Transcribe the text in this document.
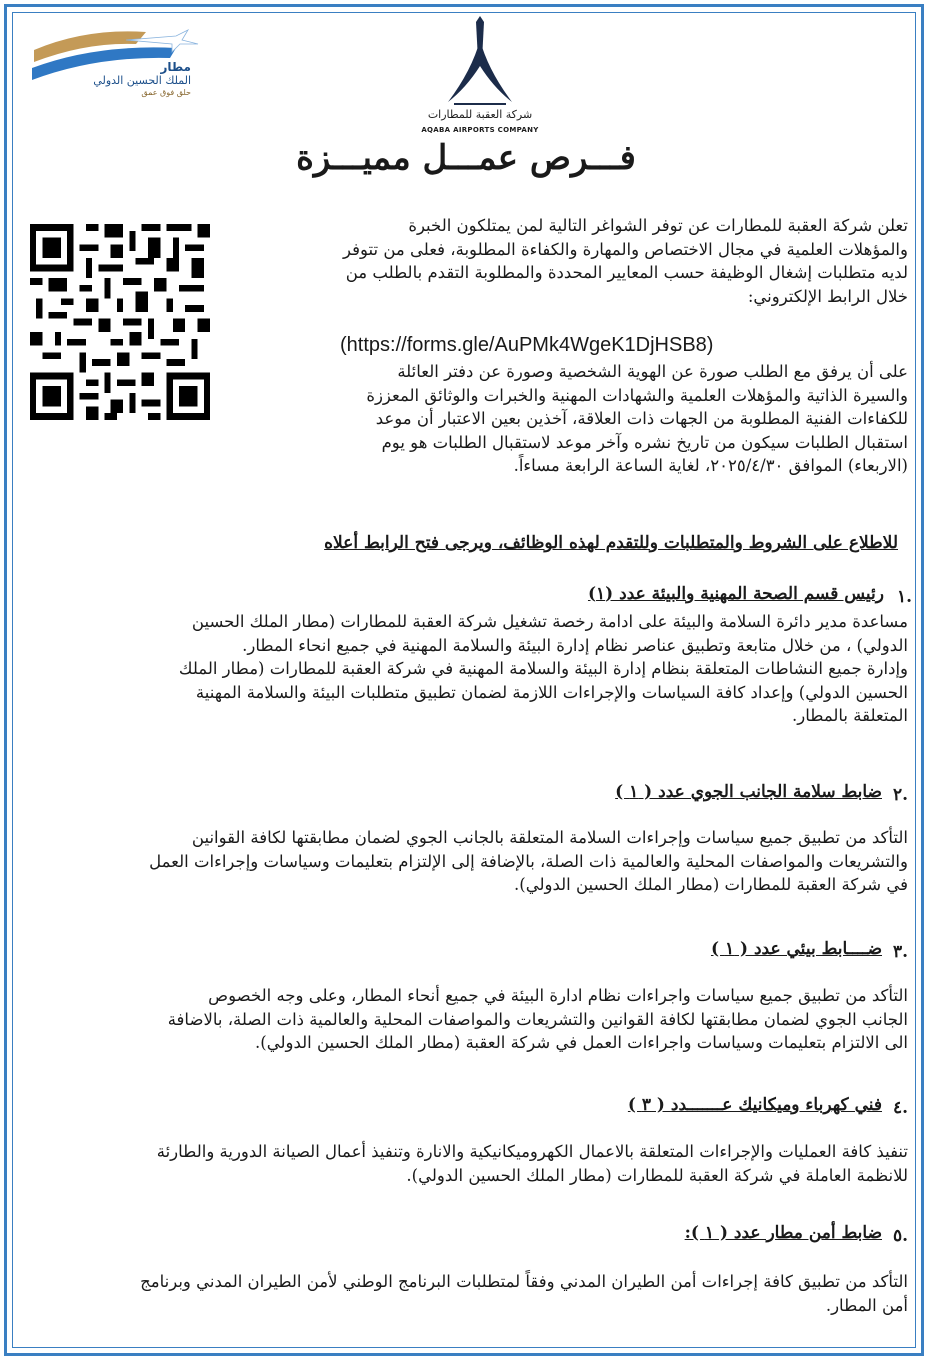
مطار
الملك الحسين الدولي
حلق فوق عمق
شركة العقبة للمطارات
AQABA AIRPORTS COMPANY
فـــرص عمـــل مميـــزة
تعلن شركة العقبة للمطارات عن توفر الشواغر التالية لمن يمتلكون الخبرة
والمؤهلات العلمية في مجال الاختصاص والمهارة والكفاءة المطلوبة، فعلى من تتوفر
لديه متطلبات إشغال الوظيفة حسب المعايير المحددة والمطلوبة التقدم بالطلب من
خلال الرابط الإلكتروني:
(https://forms.gle/AuPMk4WgeK1DjHSB8)
على أن يرفق مع الطلب صورة عن الهوية الشخصية وصورة عن دفتر العائلة
والسيرة الذاتية والمؤهلات العلمية والشهادات المهنية والخبرات والوثائق المعززة
للكفاءات الفنية المطلوبة من الجهات ذات العلاقة، آخذين بعين الاعتبار أن موعد
استقبال الطلبات سيكون من تاريخ نشره وآخر موعد لاستقبال الطلبات هو يوم
(الاربعاء) الموافق ٢٠٢٥/٤/٣٠، لغاية الساعة الرابعة مساءاً.
للاطلاع على الشروط والمتطلبات وللتقدم لهذه الوظائف، ويرجى فتح الرابط أعلاه
١.
رئيس قسم الصحة المهنية والبيئة عدد (١)
مساعدة مدير دائرة السلامة والبيئة على ادامة رخصة تشغيل شركة العقبة للمطارات (مطار الملك الحسين
الدولي) ، من خلال متابعة وتطبيق عناصر نظام إدارة البيئة والسلامة المهنية في جميع انحاء المطار.
وإدارة جميع النشاطات المتعلقة بنظام إدارة البيئة والسلامة المهنية في شركة العقبة للمطارات (مطار الملك
الحسين الدولي) وإعداد كافة السياسات والإجراءات اللازمة لضمان تطبيق متطلبات البيئة والسلامة المهنية
المتعلقة بالمطار.
٢.
ضابط سلامة الجانب الجوي عدد ( ١ )
التأكد من تطبيق جميع سياسات وإجراءات السلامة المتعلقة بالجانب الجوي لضمان مطابقتها لكافة القوانين
والتشريعات والمواصفات المحلية والعالمية ذات الصلة، بالإضافة إلى الإلتزام بتعليمات وسياسات وإجراءات العمل
في شركة العقبة للمطارات (مطار الملك الحسين الدولي).
٣.
ضــــابط بيئي عدد ( ١ )
التأكد من تطبيق جميع سياسات واجراءات نظام ادارة البيئة في جميع أنحاء المطار، وعلى وجه الخصوص
الجانب الجوي لضمان مطابقتها لكافة القوانين والتشريعات والمواصفات المحلية والعالمية ذات الصلة، بالاضافة
الى الالتزام بتعليمات وسياسات واجراءات العمل في شركة العقبة (مطار الملك الحسين الدولي).
٤.
فني كهرباء وميكانيك عـــــــدد ( ٣ )
تنفيذ كافة العمليات والإجراءات المتعلقة بالاعمال الكهروميكانيكية والانارة وتنفيذ أعمال الصيانة الدورية والطارئة
للانظمة العاملة في شركة العقبة للمطارات (مطار الملك الحسين الدولي).
٥.
ضابط أمن مطار عدد ( ١ ):
التأكد من تطبيق كافة إجراءات أمن الطيران المدني وفقاً لمتطلبات البرنامج الوطني لأمن الطيران المدني وبرنامج
أمن المطار.
